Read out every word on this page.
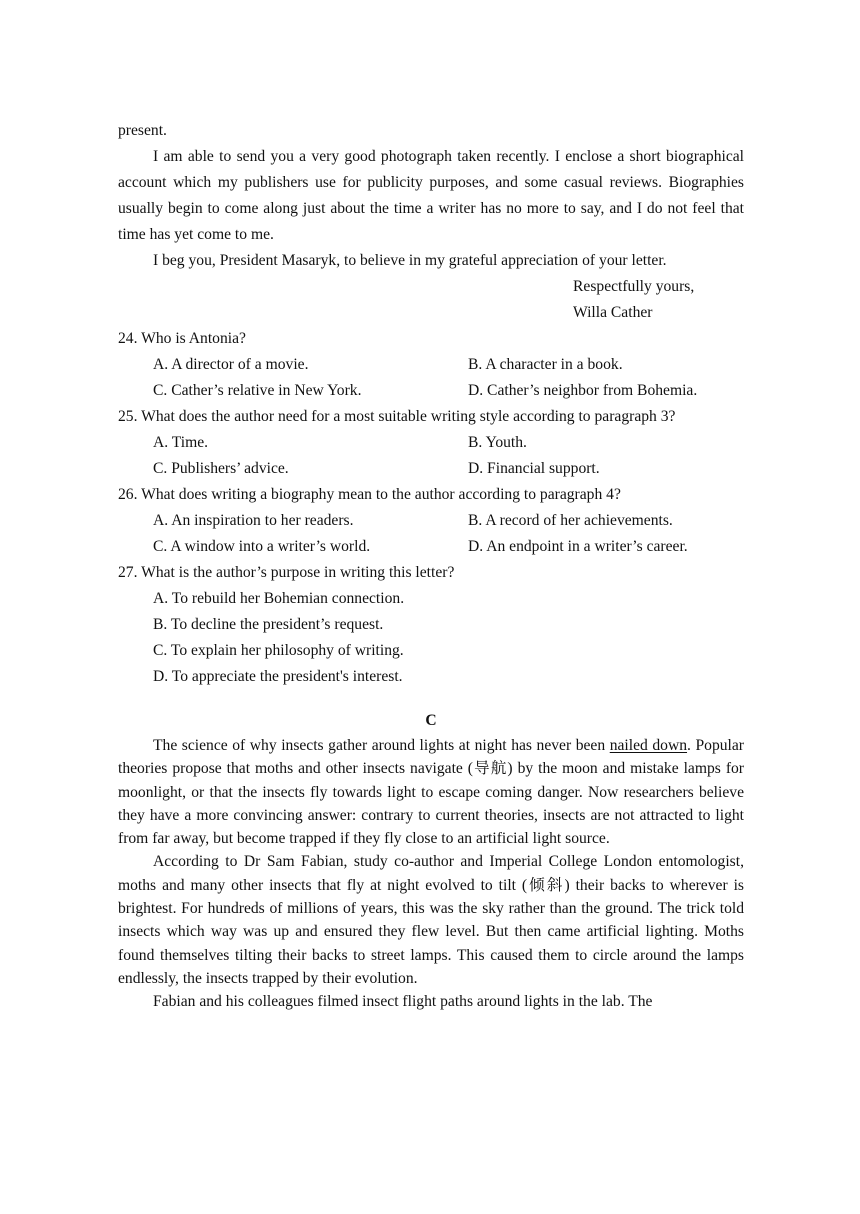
present.

I am able to send you a very good photograph taken recently. I enclose a short biographical account which my publishers use for publicity purposes, and some casual reviews. Biographies usually begin to come along just about the time a writer has no more to say, and I do not feel that time has yet come to me.

I beg you, President Masaryk, to believe in my grateful appreciation of your letter.

Respectfully yours,

Willa Cather

24. Who is Antonia?

A. A director of a movie.	B. A character in a book.
C. Cather’s relative in New York.	D. Cather’s neighbor from Bohemia.

25. What does the author need for a most suitable writing style according to paragraph 3?

A. Time.	B. Youth.
C. Publishers’ advice.	D. Financial support.

26. What does writing a biography mean to the author according to paragraph 4?

A. An inspiration to her readers.	B. A record of her achievements.
C. A window into a writer’s world.	D. An endpoint in a writer’s career.

27. What is the author’s purpose in writing this letter?

A. To rebuild her Bohemian connection.

B. To decline the president’s request.

C. To explain her philosophy of writing.

D. To appreciate the president's interest.

C

The science of why insects gather around lights at night has never been nailed down. Popular theories propose that moths and other insects navigate (导航) by the moon and mistake lamps for moonlight, or that the insects fly towards light to escape coming danger. Now researchers believe they have a more convincing answer: contrary to current theories, insects are not attracted to light from far away, but become trapped if they fly close to an artificial light source.

According to Dr Sam Fabian, study co-author and Imperial College London entomologist, moths and many other insects that fly at night evolved to tilt (倾斜) their backs to wherever is brightest. For hundreds of millions of years, this was the sky rather than the ground. The trick told insects which way was up and ensured they flew level. But then came artificial lighting. Moths found themselves tilting their backs to street lamps. This caused them to circle around the lamps endlessly, the insects trapped by their evolution.

Fabian and his colleagues filmed insect flight paths around lights in the lab. The
